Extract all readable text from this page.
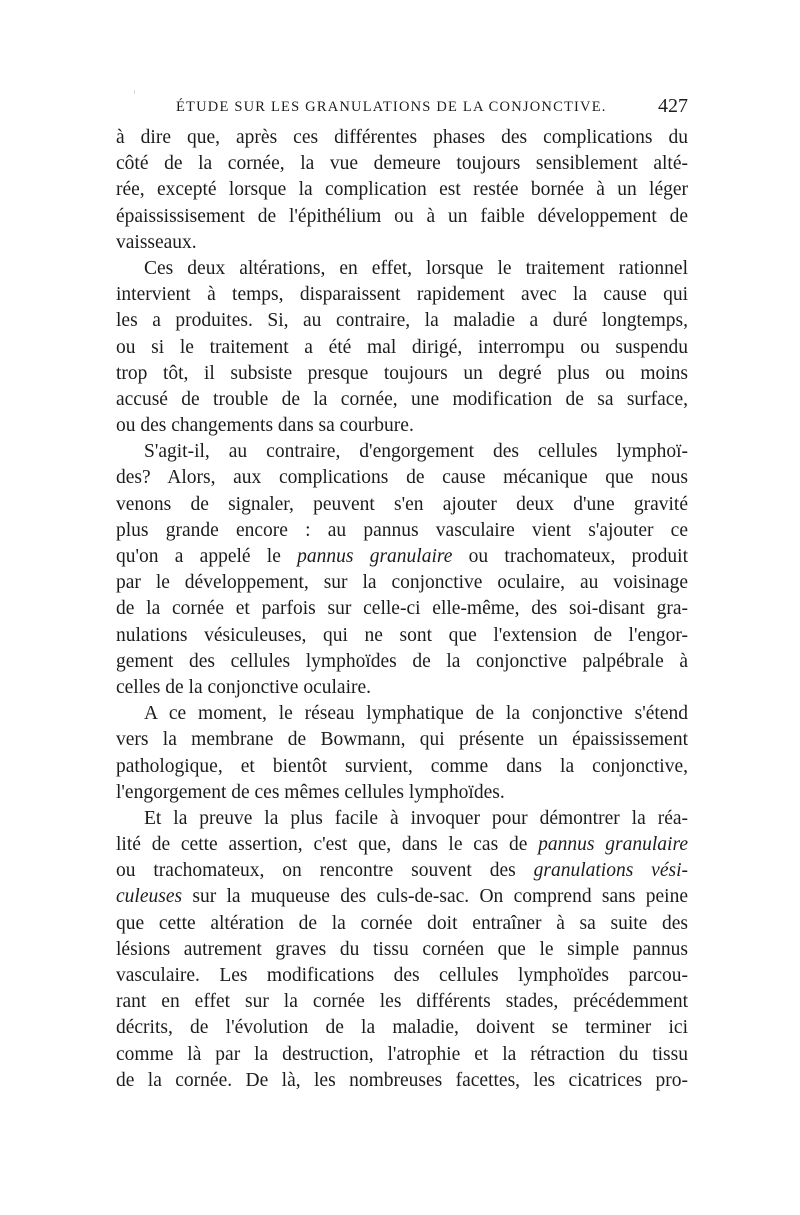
ÉTUDE SUR LES GRANULATIONS DE LA CONJONCTIVE.	427
à dire que, après ces différentes phases des complications du
côté de la cornée, la vue demeure toujours sensiblement alté-
rée, excepté lorsque la complication est restée bornée à un léger
épaississisement de l'épithélium ou à un faible développement de
vaisseaux.
Ces deux altérations, en effet, lorsque le traitement rationnel
intervient à temps, disparaissent rapidement avec la cause qui
les a produites. Si, au contraire, la maladie a duré longtemps,
ou si le traitement a été mal dirigé, interrompu ou suspendu
trop tôt, il subsiste presque toujours un degré plus ou moins
accusé de trouble de la cornée, une modification de sa surface,
ou des changements dans sa courbure.
S'agit-il, au contraire, d'engorgement des cellules lymphoï-
des? Alors, aux complications de cause mécanique que nous
venons de signaler, peuvent s'en ajouter deux d'une gravité
plus grande encore : au pannus vasculaire vient s'ajouter ce
qu'on a appelé le pannus granulaire ou trachomateux, produit
par le développement, sur la conjonctive oculaire, au voisinage
de la cornée et parfois sur celle-ci elle-même, des soi-disant gra-
nulations vésiculeuses, qui ne sont que l'extension de l'engor-
gement des cellules lymphoïdes de la conjonctive palpébrale à
celles de la conjonctive oculaire.
A ce moment, le réseau lymphatique de la conjonctive s'étend
vers la membrane de Bowmann, qui présente un épaississement
pathologique, et bientôt survient, comme dans la conjonctive,
l'engorgement de ces mêmes cellules lymphoïdes.
Et la preuve la plus facile à invoquer pour démontrer la réa-
lité de cette assertion, c'est que, dans le cas de pannus granulaire
ou trachomateux, on rencontre souvent des granulations vési-
culeuses sur la muqueuse des culs-de-sac. On comprend sans peine
que cette altération de la cornée doit entraîner à sa suite des
lésions autrement graves du tissu cornéen que le simple pannus
vasculaire. Les modifications des cellules lymphoïdes parcou-
rant en effet sur la cornée les différents stades, précédemment
décrits, de l'évolution de la maladie, doivent se terminer ici
comme là par la destruction, l'atrophie et la rétraction du tissu
de la cornée. De là, les nombreuses facettes, les cicatrices pro-
